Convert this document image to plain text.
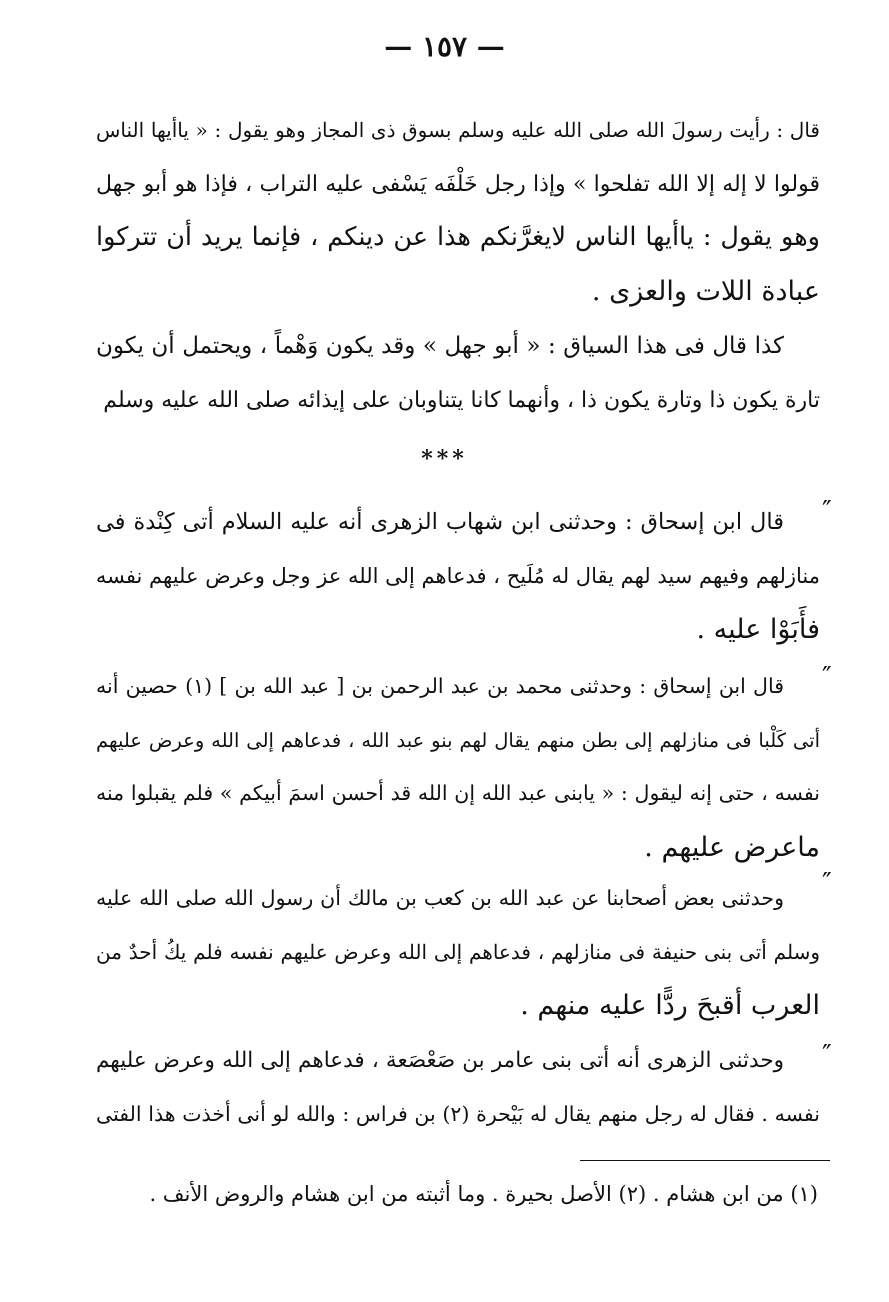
— ١٥٧ —
قال : رأيت رسولَ الله صلى الله عليه وسلم بسوق ذى المجاز وهو يقول : « ياأيها الناس
قولوا لا إله إلا الله تفلحوا » وإذا رجل خَلْفَه يَسْفى عليه التراب ، فإذا هو أبو جهل
وهو يقول : ياأيها الناس لايغرَّنكم هذا عن دينكم ، فإنما يريد أن تتركوا
عبادة اللات والعزى .
كذا قال فى هذا السياق : « أبو جهل » وقد يكون وَهْماً ، ويحتمل أن يكون
تارة يكون ذا وتارة يكون ذا ، وأنهما كانا يتناوبان على إيذائه صلى الله عليه وسلم
***
″
قال ابن إسحاق : وحدثنى ابن شهاب الزهرى أنه عليه السلام أتى كِنْدة فى
منازلهم وفيهم سيد لهم يقال له مُلَيح ، فدعاهم إلى الله عز وجل وعرض عليهم نفسه
فأَبَوْا عليه .
″
قال ابن إسحاق : وحدثنى محمد بن عبد الرحمن بن [ عبد الله بن ] (١) حصين أنه
أتى كَلْبا فى منازلهم إلى بطن منهم يقال لهم بنو عبد الله ، فدعاهم إلى الله وعرض عليهم
نفسه ، حتى إنه ليقول : « يابنى عبد الله إن الله قد أحسن اسمَ أبيكم » فلم يقبلوا منه
ماعرض عليهم .
″
وحدثنى بعض أصحابنا عن عبد الله بن كعب بن مالك أن رسول الله صلى الله عليه
وسلم أتى بنى حنيفة فى منازلهم ، فدعاهم إلى الله وعرض عليهم نفسه فلم يكُ أحدٌ من
العرب أقبحَ ردًّا عليه منهم .
″
وحدثنى الزهرى أنه أتى بنى عامر بن صَعْصَعة ، فدعاهم إلى الله وعرض عليهم
نفسه . فقال له رجل منهم يقال له بَيْحرة (٢) بن فراس : والله لو أنى أخذت هذا الفتى
(١) من ابن هشام . (٢) الأصل بحيرة . وما أثبته من ابن هشام والروض الأنف .
